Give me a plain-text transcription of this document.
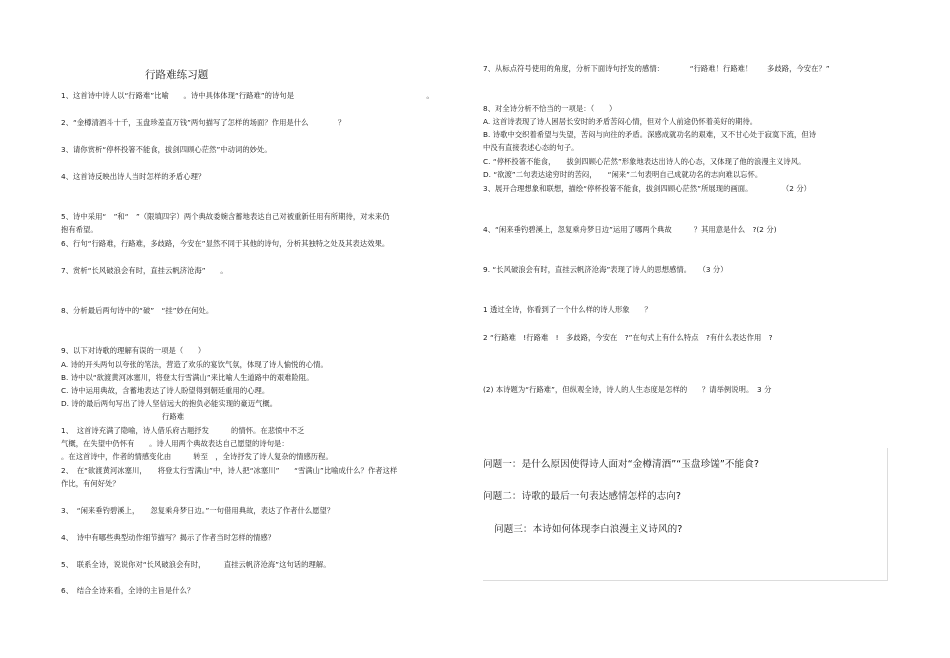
行路难练习题
1、这首诗中诗人以“行路难”比喻　　。诗中具体体现“行路难”的诗句是　　　　　　　　　　　　　　　　　　。
2、“金樽清酒斗十千，玉盘珍羞直万钱”两句描写了怎样的场面？作用是什么　　　　？
3、请你赏析“停杯投箸不能食，拔剑四顾心茫然”中动词的妙处。
4、这首诗反映出诗人当时怎样的矛盾心理？
5、诗中采用“　”和“　”（限填四字）两个典故委婉含蓄地表达自己对被重新任用有所期待，对未来仍
抱有希望。
6、行句“行路难，行路难，多歧路，今安在”显然不同于其他的诗句，分析其独特之处及其表达效果。
7、赏析“长风破浪会有时，直挂云帆济沧海”　　。
8、分析最后两句诗中的“破”　“挂”妙在何处。
9、以下对诗歌的理解有误的一项是（　　）
A. 诗的开头两句以夸张的笔法，营造了欢乐的宴饮气氛，体现了诗人愉悦的心情。
B. 诗中以“欲渡黄河冰塞川，将登太行雪满山”来比喻人生道路中的艰难险阻。
C. 诗中运用典故，含蓄地表达了诗人盼望得到朝廷重用的心理。
D. 诗的最后两句写出了诗人坚信远大的抱负必能实现的豪迈气概。
行路难
1、　这首诗充满了隐喻，诗人借乐府古题抒发　　　的情怀。在悲愤中不乏
气概，在失望中仍怀有　　。诗人用两个典故表达自己愿望的诗句是：
。在这首诗中，作者的情感变化由　　　转至　，全诗抒发了诗人复杂的情感历程。
2、　在“欲渡黄河冰塞川，　　将登太行雪满山”中，诗人把“冰塞川”　　“雪满山”比喻成什么？作者这样
作比，有何好处？
3、　“闲来垂钓碧溪上，　　忽复乘舟梦日边。”一句借用典故，表达了作者什么愿望？
4、　诗中有哪些典型动作细节描写？揭示了作者当时怎样的情感？
5、　联系全诗，说说你对“长风破浪会有时，　　　直挂云帆济沧海”这句话的理解。
6、　结合全诗来看，全诗的主旨是什么？
7、从标点符号使用的角度，分析下面诗句抒发的感情：　　　　“行路难！行路难！　　多歧路，今安在？”
8、对全诗分析不恰当的一项是：（　　）
A. 这首诗表现了诗人困居长安时的矛盾苦闷心情，但对个人前途仍怀着美好的期待。
B. 诗歌中交织着希望与失望，苦闷与向往的矛盾。深感成就功名的艰难，又不甘心处于寂寞下流，但诗
中没有直接表述心态的句子。
C. “停杯投箸不能食，　　拔剑四顾心茫然”形象地表达出诗人的心态，又体现了他的浪漫主义诗风。
D. “欲渡”二句表达途穷时的苦闷，　　“闲来”二句表明自己成就功名的志向难以忘怀。
3、展开合理想象和联想，描绘“停杯投箸不能食，拔剑四顾心茫然”所展现的画面。　　　　　（2 分）
4、“闲来垂钓碧溪上，忽复乘舟梦日边”运用了哪两个典故　　　？其用意是什么　?(2 分)
9. “长风破浪会有时，直挂云帆济沧海”表现了诗人的思想感情。　　（3 分）
1 透过全诗，你看到了一个什么样的诗人形象　　？
2 “行路难　!行路难　!　多歧路，今安在　?”在句式上有什么特点　?有什么表达作用　?
(2) 本诗题为“行路难”，但纵观全诗，诗人的人生态度是怎样的　　？请举例说明。　3 分
问题一：是什么原因使得诗人面对“金樽清酒”“玉盘珍馐”不能食?
问题二：诗歌的最后一句表达感情怎样的志向?
问题三：本诗如何体现李白浪漫主义诗风的?
